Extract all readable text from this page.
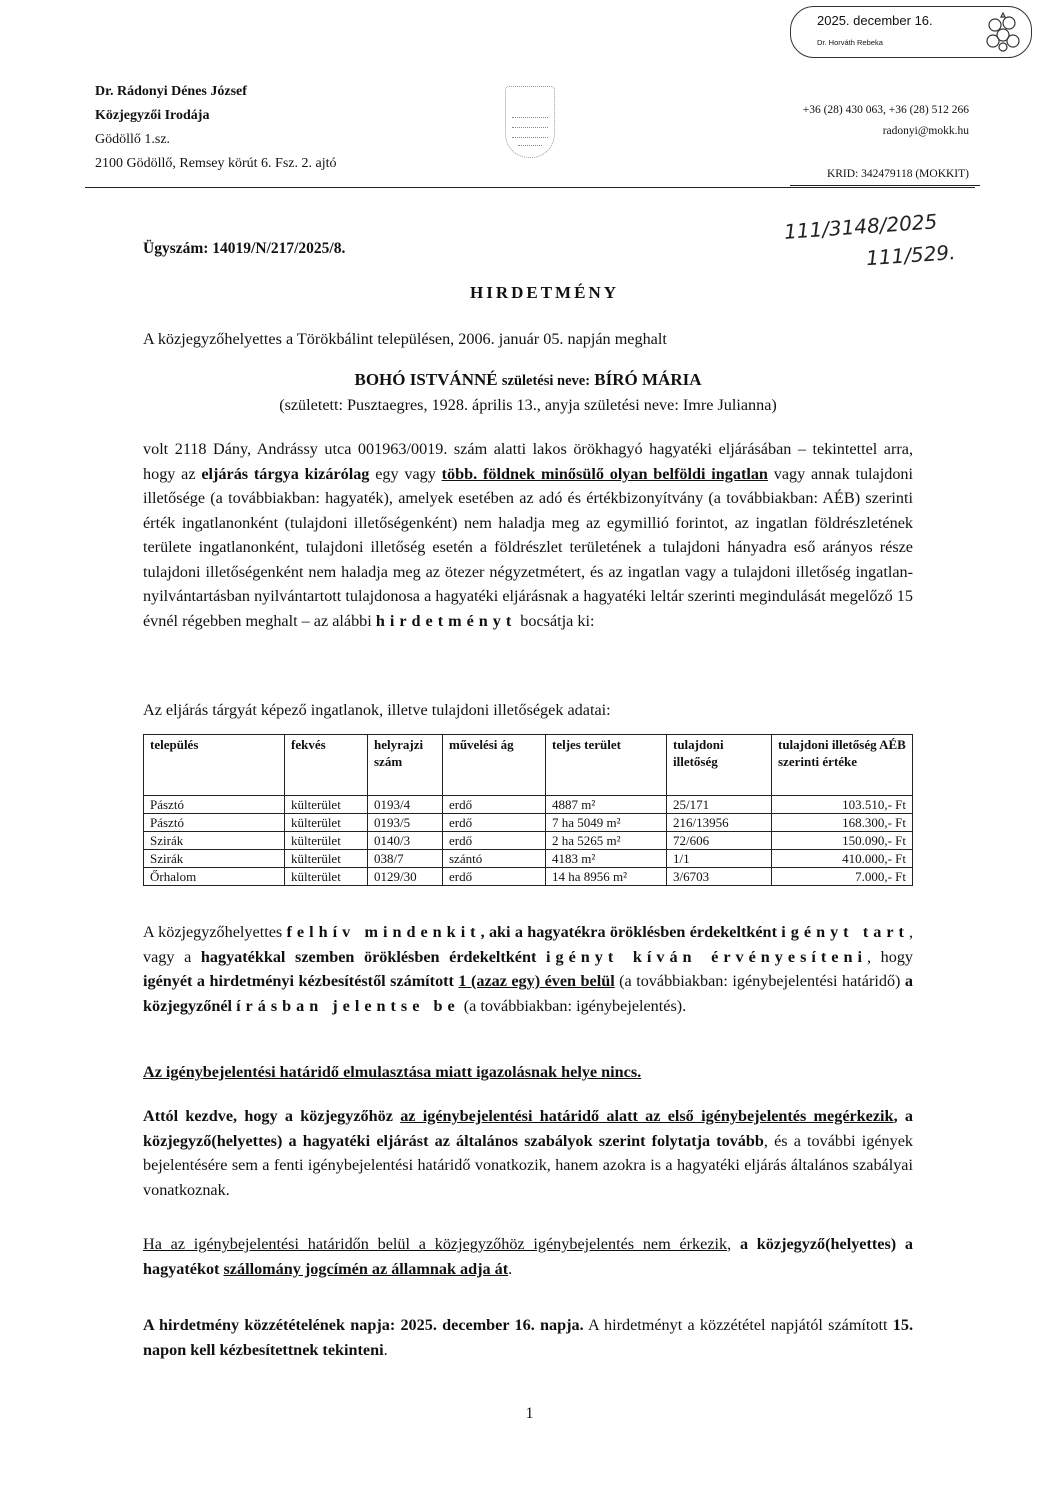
Dr. Rádonyi Dénes József
Közjegyzői Irodája
Gödöllő 1.sz.
2100 Gödöllő, Remsey körút 6. Fsz. 2. ajtó
2025. december 16.
Dr. Horváth Rebeka
+36 (28) 430 063, +36 (28) 512 266
radonyi@mokk.hu
KRID: 342479118 (MOKKIT)
Ügyszám: 14019/N/217/2025/8.
111/3148/2025
111/529.
HIRDETMÉNY
A közjegyzőhelyettes a Törökbálint településen, 2006. január 05. napján meghalt
BOHÓ ISTVÁNNÉ születési neve: BÍRÓ MÁRIA
(született: Pusztaegres, 1928. április 13., anyja születési neve: Imre Julianna)
volt 2118 Dány, Andrássy utca 001963/0019. szám alatti lakos örökhagyó hagyatéki eljárásában – tekintettel arra, hogy az eljárás tárgya kizárólag egy vagy több. földnek minősülő olyan belföldi ingatlan vagy annak tulajdoni illetősége (a továbbiakban: hagyaték), amelyek esetében az adó és értékbizonyítvány (a továbbiakban: AÉB) szerinti érték ingatlanonként (tulajdoni illetőségenként) nem haladja meg az egymillió forintot, az ingatlan földrészletének területe ingatlanonként, tulajdoni illetőség esetén a földrészlet területének a tulajdoni hányadra eső arányos része tulajdoni illetőségenként nem haladja meg az ötezer négyzetmétert, és az ingatlan vagy a tulajdoni illetőség ingatlan-nyilvántartásban nyilvántartott tulajdonosa a hagyatéki eljárásnak a hagyatéki leltár szerinti megindulását megelőző 15 évnél régebben meghalt – az alábbi hirdetményt bocsátja ki:
Az eljárás tárgyát képező ingatlanok, illetve tulajdoni illetőségek adatai:
település	fekvés	helyrajzi szám	művelési ág	teljes terület	tulajdoni illetőség	tulajdoni illetőség AÉB szerinti értéke
Pásztó	külterület	0193/4	erdő	4887 m²	25/171	103.510,- Ft
Pásztó	külterület	0193/5	erdő	7 ha 5049 m²	216/13956	168.300,- Ft
Szirák	külterület	0140/3	erdő	2 ha 5265 m²	72/606	150.090,- Ft
Szirák	külterület	038/7	szántó	4183 m²	1/1	410.000,- Ft
Őrhalom	külterület	0129/30	erdő	14 ha 8956 m²	3/6703	7.000,- Ft
A közjegyzőhelyettes felhív mindenkit, aki a hagyatékra öröklésben érdekeltként igényt tart, vagy a hagyatékkal szemben öröklésben érdekeltként igényt kíván érvényesíteni, hogy igényét a hirdetményi kézbesítéstől számított 1 (azaz egy) éven belül (a továbbiakban: igénybejelentési határidő) a közjegyzőnél írásban jelentse be (a továbbiakban: igénybejelentés).
Az igénybejelentési határidő elmulasztása miatt igazolásnak helye nincs.
Attól kezdve, hogy a közjegyzőhöz az igénybejelentési határidő alatt az első igénybejelentés megérkezik, a közjegyző(helyettes) a hagyatéki eljárást az általános szabályok szerint folytatja tovább, és a további igények bejelentésére sem a fenti igénybejelentési határidő vonatkozik, hanem azokra is a hagyatéki eljárás általános szabályai vonatkoznak.
Ha az igénybejelentési határidőn belül a közjegyzőhöz igénybejelentés nem érkezik, a közjegyző(helyettes) a hagyatékot szállomány jogcímén az államnak adja át.
A hirdetmény közzétételének napja: 2025. december 16. napja. A hirdetményt a közzététel napjától számított 15. napon kell kézbesítettnek tekinteni.
1
